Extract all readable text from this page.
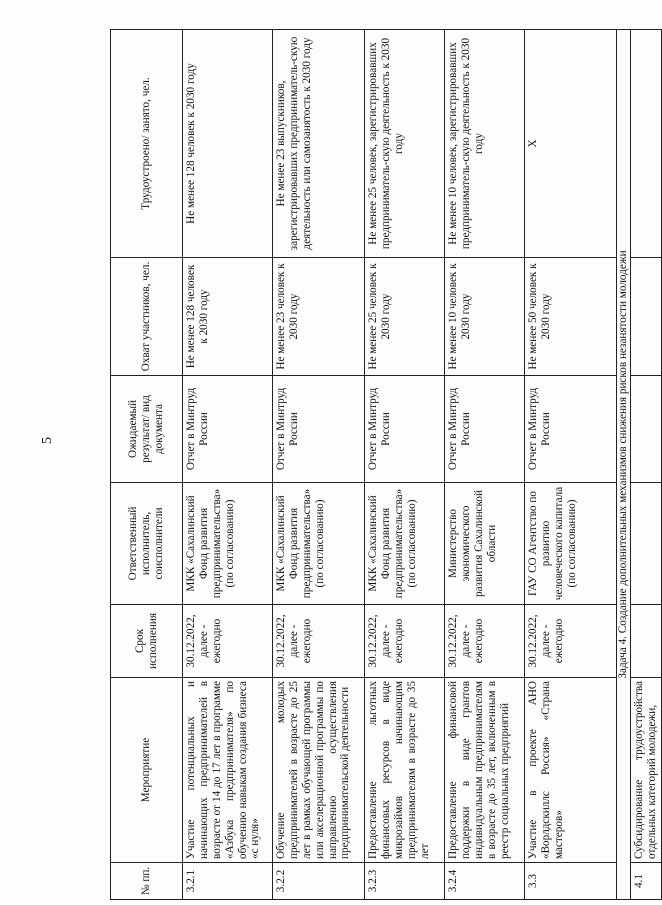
5
№ пп.	Мероприятие	Срок исполнения	Ответственный исполнитель, соисполнители	Ожидаемый результат/ вид документа	Охват участников, чел.	Трудоустроено/ занято, чел.
3.2.1	Участие потенциальных и начинающих предпринимателей в возрасте от 14 до 17 лет в программе «Азбука предпринимателя» по обучению навыкам создания бизнеса «с нуля»	30.12.2022, далее - ежегодно	МКК «Сахалинский Фонд развития предпринимательства» (по согласованию)	Отчет в Минтруд России	Не менее 128 человек к 2030 году	Не менее 128 человек к 2030 году
3.2.2	Обучение молодых предпринимателей в возрасте до 25 лет в рамках обучающей программы или акселерационной программы по направлению осуществления предпринимательской деятельности	30.12.2022, далее - ежегодно	МКК «Сахалинский Фонд развития предпринимательства» (по согласованию)	Отчет в Минтруд России	Не менее 23 человек к 2030 году	Не менее 23 выпускников, зарегистрировавших предприниматель-скую деятельность или самозанятость к 2030 году
3.2.3	Предоставление льготных финансовых ресурсов в виде микрозаймов начинающим предпринимателям в возрасте до 35 лет	30.12.2022, далее - ежегодно	МКК «Сахалинский Фонд развития предпринимательства» (по согласованию)	Отчет в Минтруд России	Не менее 25 человек к 2030 году	Не менее 25 человек, зарегистрировавших предприниматель-скую деятельность к 2030 году
3.2.4	Предоставление финансовой поддержки в виде грантов индивидуальным предпринимателям в возрасте до 35 лет, включенным в реестр социальных предприятий	30.12.2022, далее - ежегодно	Министерство экономического развития Сахалинской области	Отчет в Минтруд России	Не менее 10 человек к 2030 году	Не менее 10 человек, зарегистрировавших предприниматель-скую деятельность к 2030 году
3.3	Участие в проекте АНО «Ворлдскиллс Россия» «Страна мастеров»	30.12.2022, далее - ежегодно	ГАУ СО Агентство по развитию человеческого капитала (по согласованию)	Отчет в Минтруд России	Не менее 50 человек к 2030 году	Х
Задача 4. Создание дополнительных механизмов снижения рисков незанятости молодежи						
4.1	Субсидирование трудоустройства отдельных категорий молодежи,					
